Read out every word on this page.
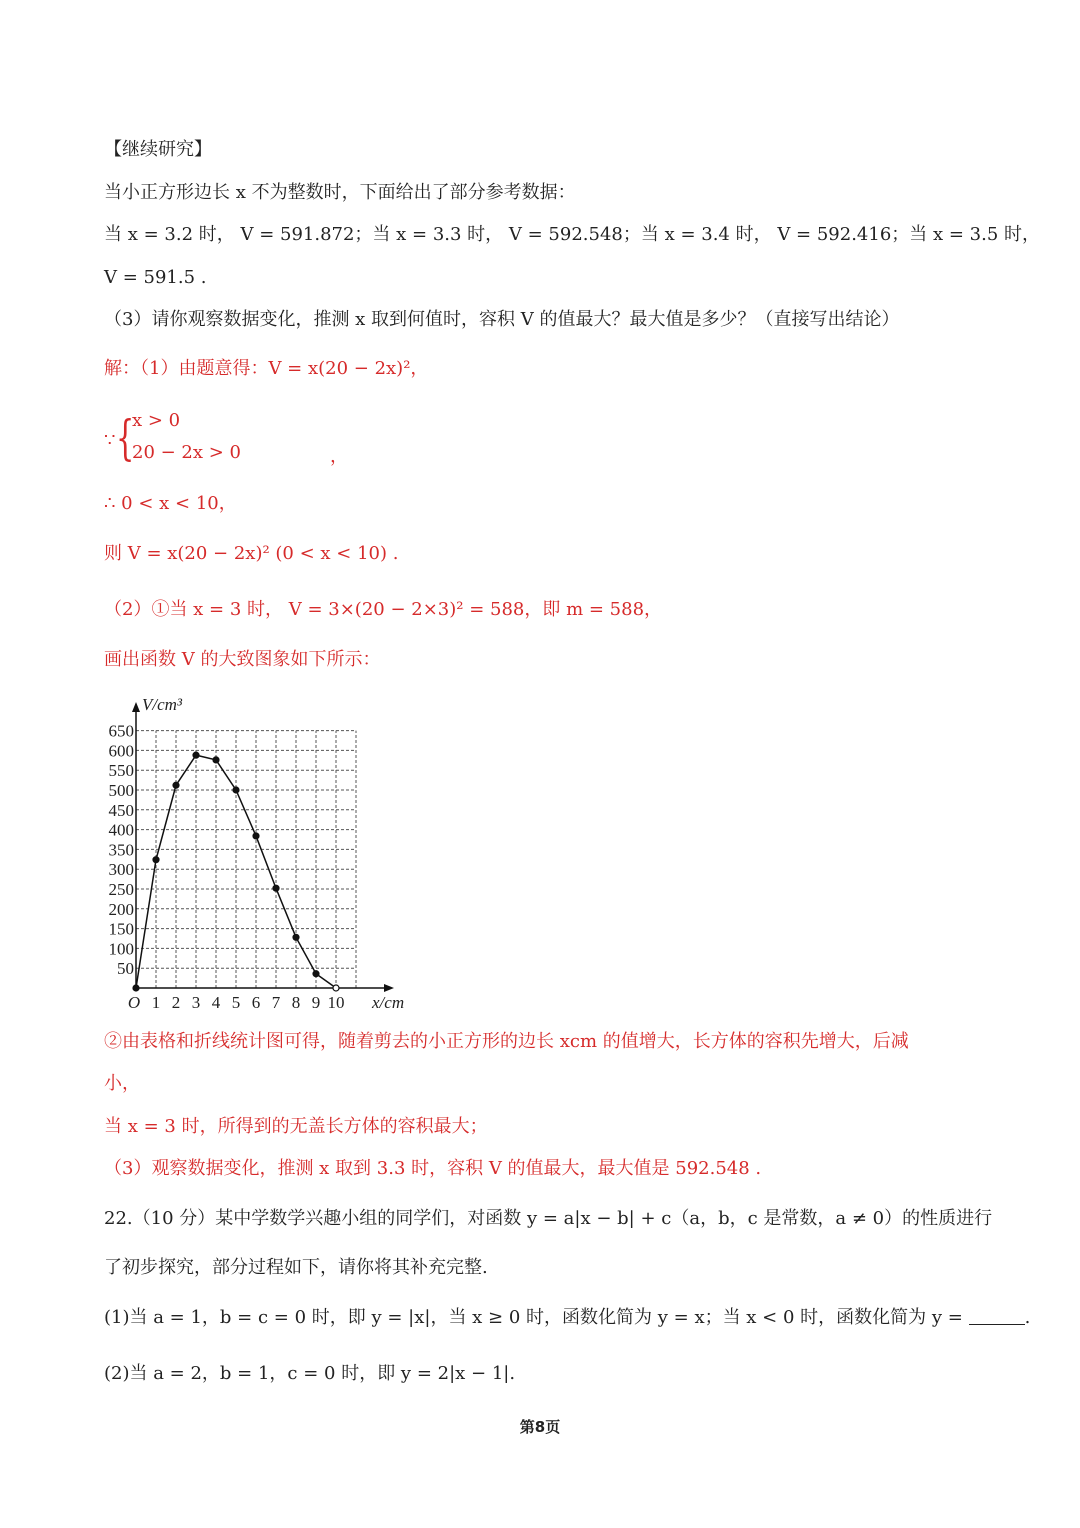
【继续研究】
当小正方形边长 x 不为整数时，下面给出了部分参考数据：
当 x = 3.2 时， V = 591.872；当 x = 3.3 时， V = 592.548；当 x = 3.4 时， V = 592.416；当 x = 3.5 时，
V = 591.5 .
（3）请你观察数据变化，推测 x 取到何值时，容积 V 的值最大？最大值是多少？（直接写出结论）
解：（1）由题意得：V = x(20 − 2x)²，
∵ {
x > 0
20 − 2x > 0	，
∴ 0 < x < 10，
则 V = x(20 − 2x)² (0 < x < 10) .
（2）①当 x = 3 时， V = 3×(20 − 2×3)² = 588，即 m = 588，
画出函数 V 的大致图象如下所示：
50
100
150
200
250
300
350
400
450
500
550
600
650
1 2 3 4 5 6 7 8 9 10
O
V/cm³
x/cm
②由表格和折线统计图可得，随着剪去的小正方形的边长 xcm 的值增大，长方体的容积先增大，后减
小，
当 x = 3 时，所得到的无盖长方体的容积最大；
（3）观察数据变化，推测 x 取到 3.3 时，容积 V 的值最大，最大值是 592.548 .
22.（10 分）某中学数学兴趣小组的同学们，对函数 y = a|x − b| + c（a，b，c 是常数，a ≠ 0）的性质进行
了初步探究，部分过程如下，请你将其补充完整.
(1)当 a = 1，b = c = 0 时，即 y = |x|，当 x ≥ 0 时，函数化简为 y = x；当 x < 0 时，函数化简为 y =	.
(2)当 a = 2，b = 1，c = 0 时，即 y = 2|x − 1|.
第8页
